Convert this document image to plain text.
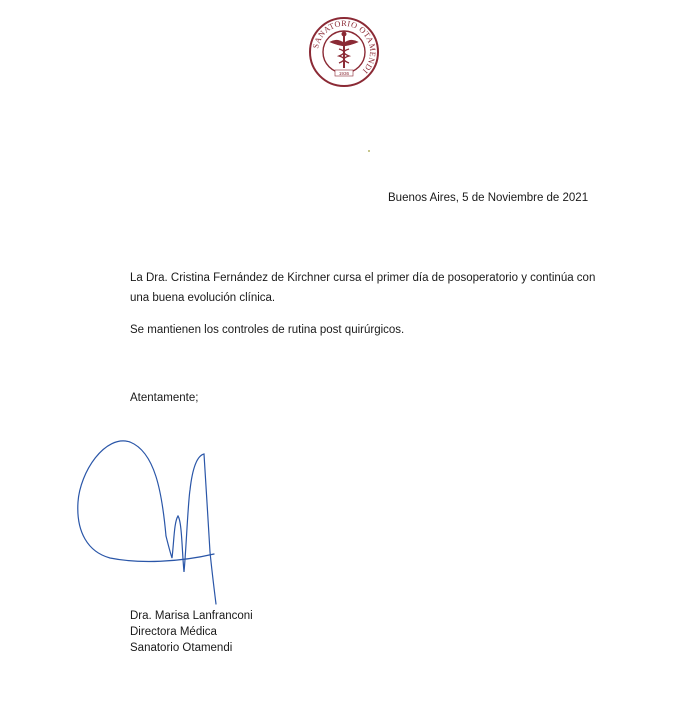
SANATORIO OTAMENDI
1936
Buenos Aires, 5 de Noviembre de 2021

La Dra. Cristina Fernández de Kirchner cursa el primer día de posoperatorio y continúa con una buena evolución clínica.

Se mantienen los controles de rutina post quirúrgicos.

Atentamente;
Dra. Marisa Lanfranconi
Directora Médica
Sanatorio Otamendi
